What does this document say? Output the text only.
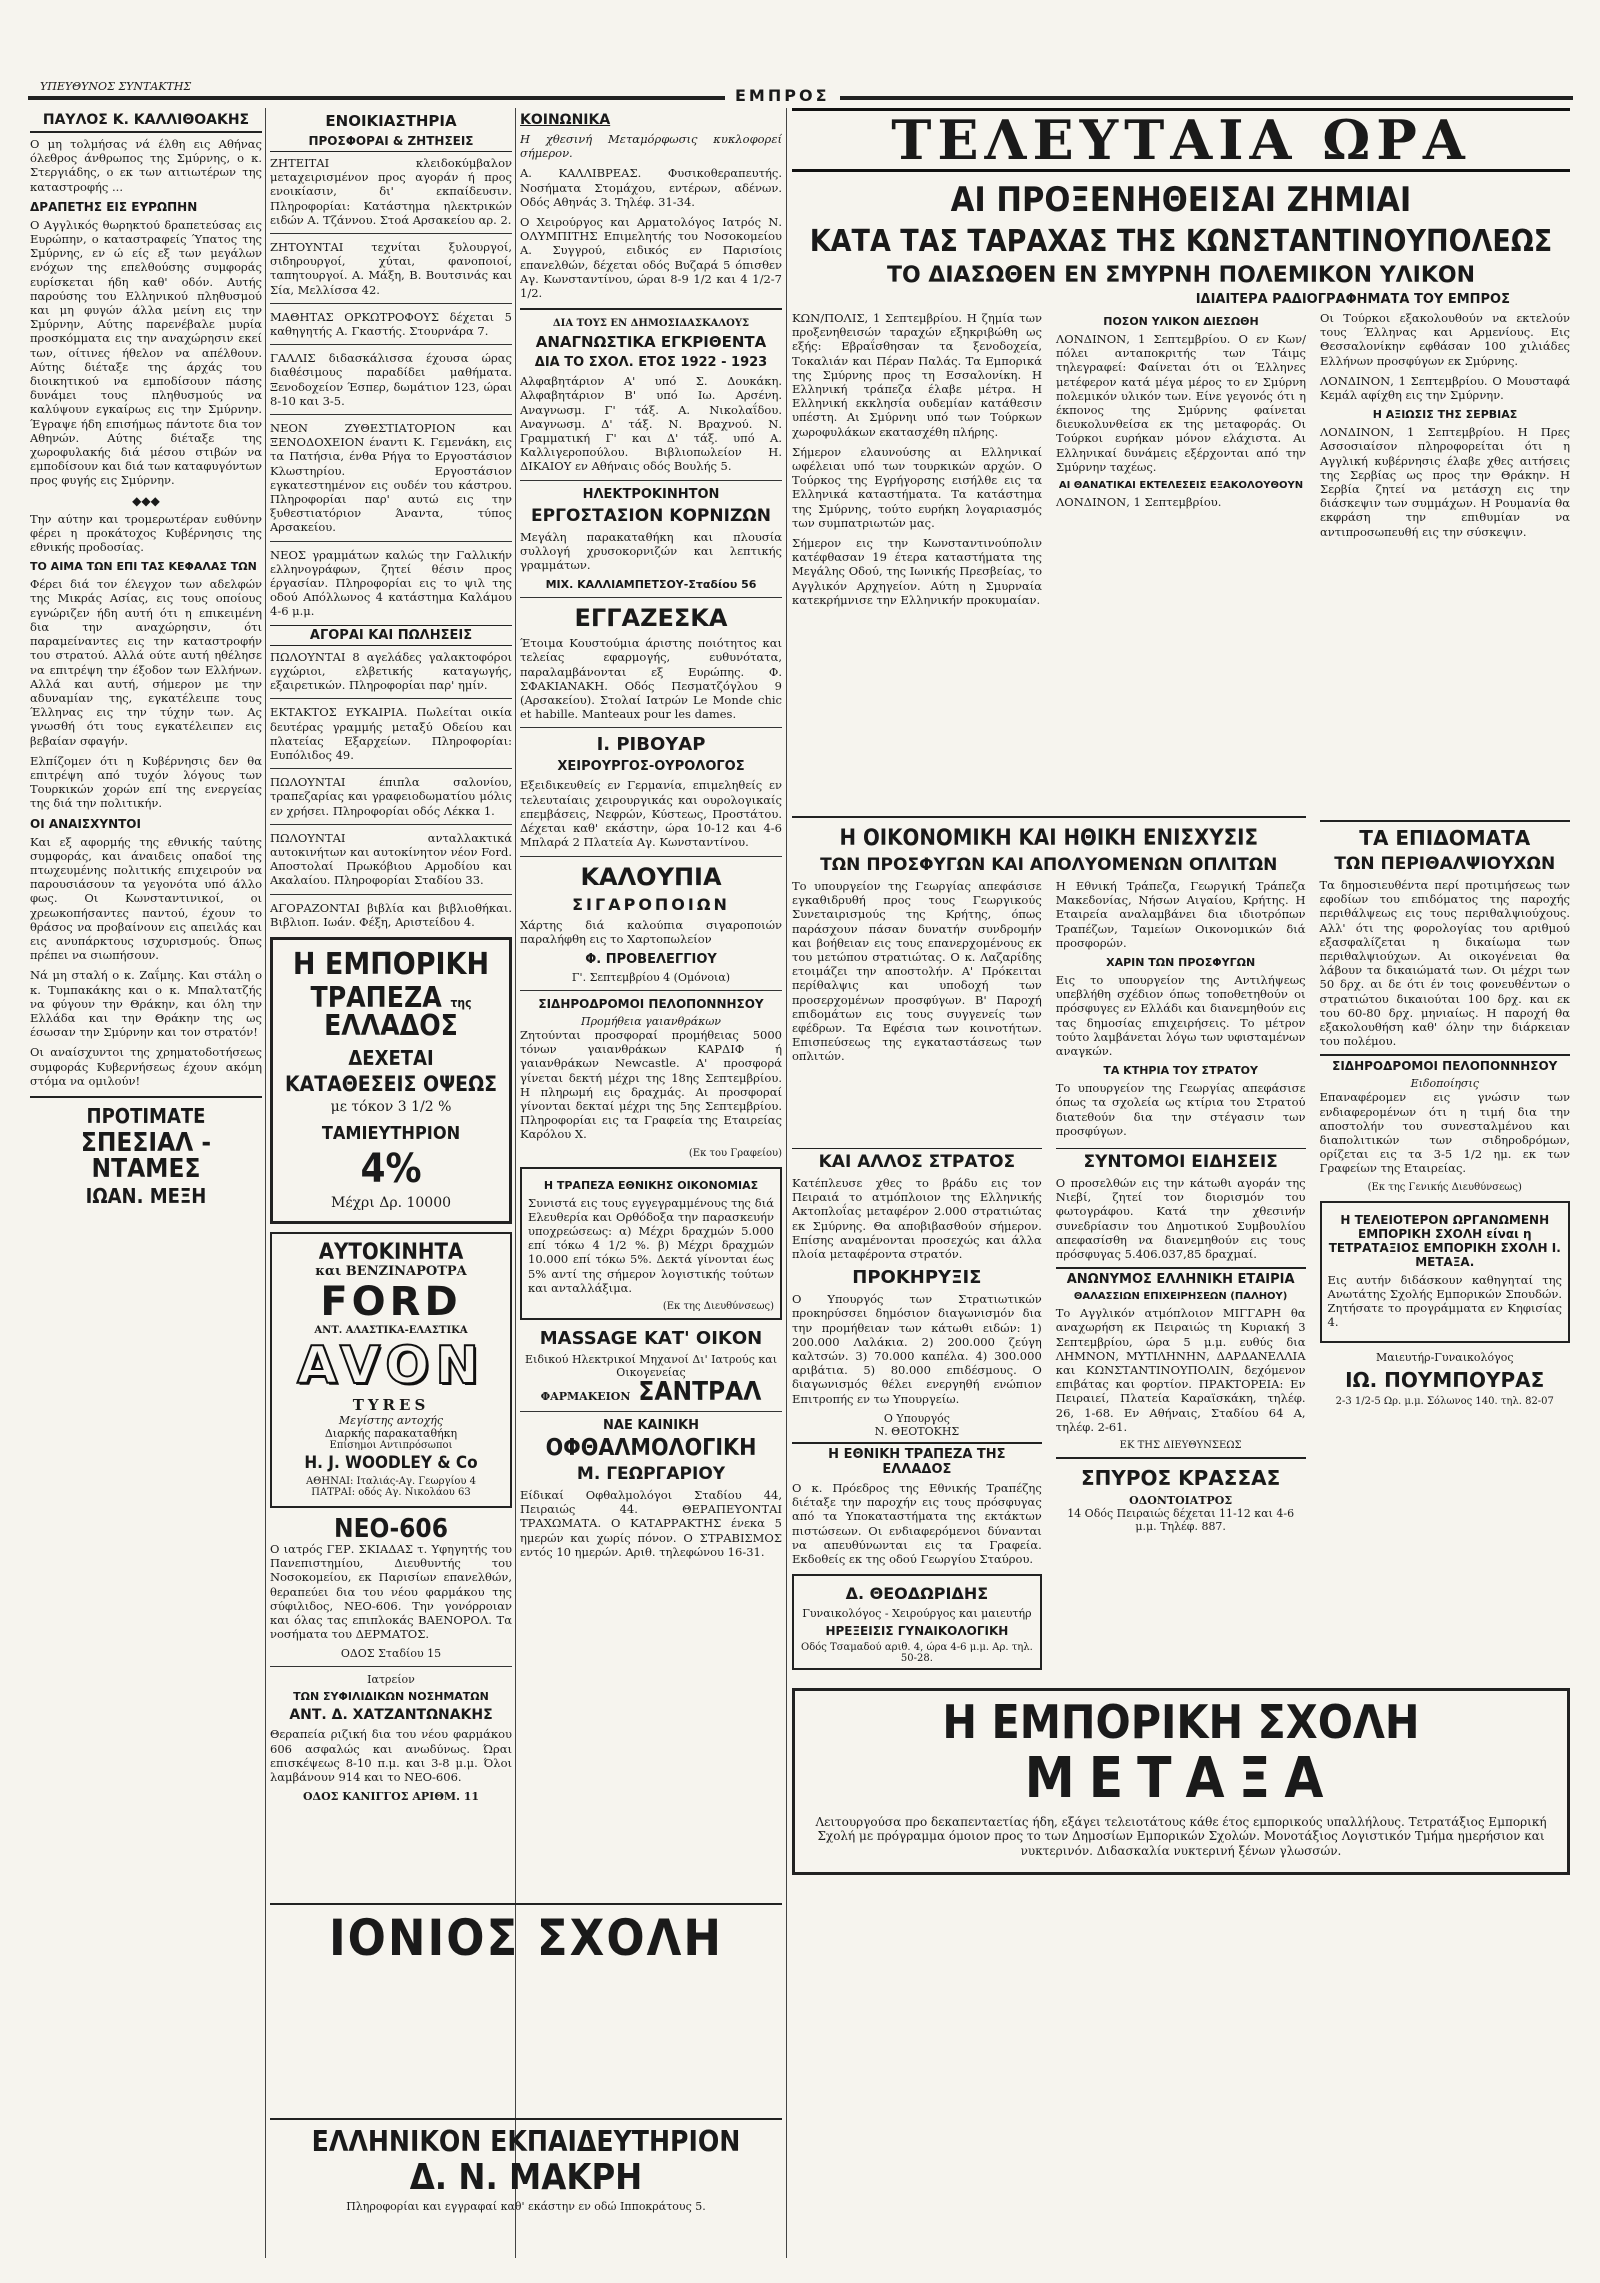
ΥΠΕΥΘΥΝΟΣ ΣΥΝΤΑΚΤΗΣ	ΕΜΠΡΟΣ
ΠΑΥΛΟΣ Κ. ΚΑΛΛΙΘΟΑΚΗΣ

Ο μη τολμήσας νά έλθη εις Αθήνας όλεθρος άνθρωπος της Σμύρνης, ο κ. Στεργιάδης, ο εκ των αιτιωτέρων της καταστροφής ...

ΔΡΑΠΕΤΗΣ ΕΙΣ ΕΥΡΩΠΗΝ

Ο Αγγλικός θωρηκτού δραπετεύσας εις Ευρώπην, ο καταστραφείς Ύπατος της Σμύρνης, εν ώ είς εξ των μεγάλων ενόχων της επελθούσης συμφοράς ευρίσκεται ήδη καθ' οδόν. Αυτής παρούσης του Ελληνικού πληθυσμού και μη φυγών άλλα μείνη εις την Σμύρνην, Αύτης παρενέβαλε μυρία προσκόμματα εις την αναχώρησιν εκεί των, οίτινες ήθελον να απέλθουν. Αύτης διέταξε της άρχάς του διοικητικού να εμποδίσουν πάσης δυνάμει τους πληθυσμούς να καλύψουν εγκαίρως εις την Σμύρνην. Έγραψε ήδη επισήμως πάντοτε δια τον Αθηνών. Αύτης διέταξε της χωροφυλακής διά μέσου στιβών να εμποδίσουν και διά των καταφυγόντων προς φυγής εις Σμύρνην.

◆◆◆

Την αύτην και τρομερωτέραν ευθύνην φέρει η προκάτοχος Κυβέρνησις της εθνικής προδοσίας.

ΤΟ ΑΙΜΑ ΤΩΝ ΕΠΙ ΤΑΣ ΚΕΦΑΛΑΣ ΤΩΝ

Φέρει διά τον έλεγχον των αδελφών της Μικράς Ασίας, εις τους οποίους εγνώριζεν ήδη αυτή ότι η επικειμένη δια την αναχώρησιν, ότι παραμείναντες εις την καταστροφήν του στρατού. Αλλά ούτε αυτή ηθέλησε να επιτρέψη την έξοδον των Ελλήνων. Αλλά και αυτή, σήμερον με την αδυναμίαν της, εγκατέλειπε τους Έλληνας εις την τύχην των. Ας γνωσθή ότι τους εγκατέλειπεν εις βεβαίαν σφαγήν.

Ελπίζομεν ότι η Κυβέρνησις δεν θα επιτρέψη από τυχόν λόγους των Τουρκικών χορών επί της ενεργείας της διά την πολιτικήν.

ΟΙ ΑΝΑΙΣΧΥΝΤΟΙ

Και εξ αφορμής της εθνικής ταύτης συμφοράς, και άναιδεις οπαδοί της πτωχευμένης πολιτικής επιχειρούν να παρουσιάσουν τα γεγονότα υπό άλλο φως. Οι Κωνσταντινικοί, οι χρεωκοπήσαντες παντού, έχουν το θράσος να προβαίνουν εις απειλάς και εις ανυπάρκτους ισχυρισμούς. Όπως πρέπει να σιωπήσουν.

Νά μη σταλή ο κ. Ζαΐμης. Και στάλη ο κ. Τυμπακάκης και ο κ. Μπαλτατζής να φύγουν την Θράκην, και όλη την Ελλάδα και την Θράκην της ως έσωσαν την Σμύρνην και τον στρατόν!

Οι αναίσχυντοι της χρηματοδοτήσεως συμφοράς Κυβερνήσεως έχουν ακόμη στόμα να ομιλούν!

ΠΡΟΤΙΜΑΤΕ
ΣΠΕΣΙΑΛ - ΝΤΑΜΕΣ
ΙΩΑΝ. ΜΕΞΗ
ΕΝΟΙΚΙΑΣΤΗΡΙΑ
ΠΡΟΣΦΟΡΑΙ & ΖΗΤΗΣΕΙΣ

ΖΗΤΕΙΤΑΙ κλειδοκύμβαλον μεταχειρισμένον προς αγοράν ή προς ενοικίασιν, δι' εκπαίδευσιν. Πληροφορίαι: Κατάστημα ηλεκτρικών ειδών Α. Τζάννου. Στοά Αρσακείου αρ. 2.

ΖΗΤΟΥΝΤΑΙ τεχνίται ξυλουργοί, σιδηρουργοί, χύται, φανοποιοί, ταπητουργοί. Α. Μάξη, Β. Βουτσινάς και Σία, Μελλίσσα 42.

ΜΑΘΗΤΑΣ ΟΡΚΩΤΡΟΦΟΥΣ δέχεται 5 καθηγητής Α. Γκαστής. Στουρνάρα 7.

ΓΑΛΛΙΣ διδασκάλισσα έχουσα ώρας διαθέσιμους παραδίδει μαθήματα. Ξενοδοχείον Έσπερ, δωμάτιον 123, ώραι 8-10 και 3-5.

ΝΕΟΝ ΖΥΘΕΣΤΙΑΤΟΡΙΟΝ και ΞΕΝΟΔΟΧΕΙΟΝ έναντι Κ. Γεμενάκη, εις τα Πατήσια, ένθα Ρήγα το Εργοστάσιον Κλωστηρίου. Εργοστάσιον εγκατεστημένον εις ουδέν του κάστρου. Πληροφορίαι παρ' αυτώ εις την ξυθεστιατόριον Άναντα, τύπος Αρσακείου.

ΝΕΟΣ γραμμάτων καλώς την Γαλλικήν ελληνογράφων, ζητεί θέσιν προς έργασίαν. Πληροφορίαι εις το ψιλ της οδού Απόλλωνος 4 κατάστημα Καλάμου 4-6 μ.μ.

ΑΓΟΡΑΙ ΚΑΙ ΠΩΛΗΣΕΙΣ

ΠΩΛΟΥΝΤΑΙ 8 αγελάδες γαλακτοφόροι εγχώριοι, ελβετικής καταγωγής, εξαιρετικών. Πληροφορίαι παρ' ημίν.

ΕΚΤΑΚΤΟΣ ΕΥΚΑΙΡΙΑ. Πωλείται οικία δευτέρας γραμμής μεταξύ Οδείου και πλατείας Εξαρχείων. Πληροφορίαι: Ευπόλιδος 49.

ΠΩΛΟΥΝΤΑΙ έπιπλα σαλονίου, τραπεζαρίας και γραφειοδωματίου μόλις εν χρήσει. Πληροφορίαι οδός Λέκκα 1.

ΠΩΛΟΥΝΤΑΙ ανταλλακτικά αυτοκινήτων και αυτοκίνητον νέον Ford. Αποστολαί Πρωκόβιου Αρμοδίου και Ακαλαίου. Πληροφορίαι Σταδίου 33.

ΑΓΟΡΑΖΟΝΤΑΙ βιβλία και βιβλιοθήκαι. Βιβλιοπ. Ιωάν. Φέξη, Αριστείδου 4.

Η ΕΜΠΟΡΙΚΗ
ΤΡΑΠΕΖΑ της ΕΛΛΑΔΟΣ
ΔΕΧΕΤΑΙ
ΚΑΤΑΘΕΣΕΙΣ ΟΨΕΩΣ
με τόκον 3 1/2 %
ΤΑΜΙΕΥΤΗΡΙΟΝ
4%
Μέχρι Δρ. 10000
ΑΥΤΟΚΙΝΗΤΑ
και ΒΕΝΖΙΝΑΡΟΤΡΑ
FORD
ΑΝΤ. ΑΛΑΣΤΙΚΑ-ΕΛΑΣΤΙΚΑ
AVON
TYRES
Μεγίστης αντοχής
Διαρκής παρακαταθήκη
Επίσημοι Αντιπρόσωποι
H. J. WOODLEY & Co
ΑΘΗΝΑΙ: Ιταλιάς-Αγ. Γεωργίου 4
ΠΑΤΡΑΙ: οδός Αγ. Νικολάου 63
ΝΕΟ-606

Ο ιατρός ΓΕΡ. ΣΚΙΑΔΑΣ τ. Υφηγητής του Πανεπιστημίου, Διευθυντής του Νοσοκομείου, εκ Παρισίων επανελθών, θεραπεύει δια του νέου φαρμάκου της σύφιλιδος, ΝΕΟ-606. Την γονόρροιαν και όλας τας επιπλοκάς ΒΑΕΝΟΡΟΛ. Τα νοσήματα του ΔΕΡΜΑΤΟΣ.

ΟΔΟΣ Σταδίου 15
Ιατρείον
ΤΩΝ ΣΥΦΙΛΙΔΙΚΩΝ ΝΟΣΗΜΑΤΩΝ
ΑΝΤ. Δ. ΧΑΤΖΑΝΤΩΝΑΚΗΣ

Θεραπεία ριζική δια του νέου φαρμάκου 606 ασφαλώς και ανωδύνως. Ώραι επισκέψεως 8-10 π.μ. και 3-8 μ.μ. Όλοι λαμβάνουν 914 και το ΝΕΟ-606.

ΟΔΟΣ ΚΑΝΙΓΓΟΣ ΑΡΙΘΜ. 11
ΚΟΙΝΩΝΙΚΑ

Η χθεσινή Μεταμόρφωσις κυκλοφορεί σήμερον.

Α. ΚΑΛΛΙΒΡΕΑΣ. Φυσικοθεραπευτής. Νοσήματα Στομάχου, εντέρων, αδένων. Οδός Αθηνάς 3. Τηλέφ. 31-34.

Ο Χειρούργος και Αρματολόγος Ιατρός Ν. ΟΛΥΜΠΙΤΗΣ Επιμελητής του Νοσοκομείου Α. Συγγρού, ειδικός εν Παρισίοις επανελθών, δέχεται οδός Βυζαρά 5 όπισθεν Αγ. Κωνσταντίνου, ώραι 8-9 1/2 και 4 1/2-7 1/2.

ΔΙΑ ΤΟΥΣ ΕΝ ΔΗΜΟΣΙΔΑΣΚΑΛΟΥΣ
ΑΝΑΓΝΩΣΤΙΚΑ ΕΓΚΡΙΘΕΝΤΑ
ΔΙΑ ΤΟ ΣΧΟΛ. ΕΤΟΣ 1922 - 1923

Αλφαβητάριον Α' υπό Σ. Δουκάκη. Αλφαβητάριον Β' υπό Ιω. Αρσένη. Αναγνωσμ. Γ' τάξ. Α. Νικολαΐδου. Αναγνωσμ. Δ' τάξ. Ν. Βραχνού. Ν. Γραμματική Γ' και Δ' τάξ. υπό Α. Καλλιγεροπούλου. Βιβλιοπωλείον Η. ΔΙΚΑΙΟΥ εν Αθήναις οδός Βουλής 5.

ΗΛΕΚΤΡΟΚΙΝΗΤΟΝ
ΕΡΓΟΣΤΑΣΙΟΝ ΚΟΡΝΙΖΩΝ

Μεγάλη παρακαταθήκη και πλουσία συλλογή χρυσοκορνιζών και λεπτικής γραμμάτων.

ΜΙΧ. ΚΑΛΛΙΑΜΠΕΤΣΟΥ-Σταδίου 56
ΕΓΓΑΖΕΣΚΑ

Έτοιμα Κουστούμια άριστης ποιότητος και τελείας εφαρμογής, ευθυνότατα, παραλαμβάνονται εξ Ευρώπης. Φ. ΣΦΑΚΙΑΝΑΚΗ. Οδός Πεσματζόγλου 9 (Αρσακείου). Στολαί Ιατρών Le Monde chic et habille. Manteaux pour les dames.

Ι. ΡΙΒΟΥΑΡ
ΧΕΙΡΟΥΡΓΟΣ-ΟΥΡΟΛΟΓΟΣ

Εξειδικευθείς εν Γερμανία, επιμεληθείς εν τελευταίαις χειρουργικάς και ουρολογικαίς επεμβάσεις, Νεφρών, Κύστεως, Προστάτου. Δέχεται καθ' εκάστην, ώρα 10-12 και 4-6 Μπλαρά 2 Πλατεία Αγ. Κωνσταντίνου.

ΚΑΛΟΥΠΙΑ
ΣΙΓΑΡΟΠΟΙΩΝ

Χάρτης διά καλούπια σιγαροποιών παραλήφθη εις το Χαρτοπωλείον

Φ. ΠΡΟΒΕΛΕΓΓΙΟΥ
Γ'. Σεπτεμβρίου 4 (Ομόνοια)
ΣΙΔΗΡΟΔΡΟΜΟΙ ΠΕΛΟΠΟΝΝΗΣΟΥ
Προμήθεια γαιανθράκων

Ζητούνται προσφοραί προμήθειας 5000 τόνων γαιανθράκων ΚΑΡΔΙΦ ή γαιανθράκων Newcastle. Α' προσφορά γίνεται δεκτή μέχρι της 18ης Σεπτεμβρίου. Η πληρωμή εις δραχμάς. Αι προσφοραί γίνονται δεκταί μέχρι της 5ης Σεπτεμβρίου. Πληροφορίαι εις τα Γραφεία της Εταιρείας Καρόλου Χ.

(Εκ του Γραφείου)
Η ΤΡΑΠΕΖΑ ΕΘΝΙΚΗΣ ΟΙΚΟΝΟΜΙΑΣ

Συνιστά εις τους εγγεγραμμένους της διά Ελευθερία και Ορθόδοξα την παρασκευήν υποχρεώσεως: α) Μέχρι δραχμών 5.000 επί τόκω 4 1/2 %. β) Μέχρι δραχμών 10.000 επί τόκω 5%. Δεκτά γίνονται έως 5% αντί της σήμερον λογιστικής τούτων και ανταλλάξιμα.

(Εκ της Διευθύνσεως)
MASSAGE ΚΑΤ' ΟΙΚΟΝ
Ειδικού Ηλεκτρικοί Μηχανοί Δι' Ιατρούς και Οικογενείας
ΦΑΡΜΑΚΕΙΟΝ ΣΑΝΤΡΑΛ
ΝΑΕ ΚΑΙΝΙΚΗ
ΟΦΘΑΛΜΟΛΟΓΙΚΗ
Μ. ΓΕΩΡΓΑΡΙΟΥ

Είδικαί Οφθαλμολόγοι Σταδίου 44, Πειραιώς 44. ΘΕΡΑΠΕΥΟΝΤΑΙ ΤΡΑΧΩΜΑΤΑ. Ο ΚΑΤΑΡΡΑΚΤΗΣ ένεκα 5 ημερών και χωρίς πόνον. Ο ΣΤΡΑΒΙΣΜΟΣ εντός 10 ημερών. Αριθ. τηλεφώνου 16-31.

ΤΕΛΕΥΤΑΙΑ ΩΡΑ
ΑΙ ΠΡΟΞΕΝΗΘΕΙΣΑΙ ΖΗΜΙΑΙ
ΚΑΤΑ ΤΑΣ ΤΑΡΑΧΑΣ ΤΗΣ ΚΩΝΣΤΑΝΤΙΝΟΥΠΟΛΕΩΣ
ΤΟ ΔΙΑΣΩΘΕΝ ΕΝ ΣΜΥΡΝΗ ΠΟΛΕΜΙΚΟΝ ΥΛΙΚΟΝ
ΙΔΙΑΙΤΕΡΑ ΡΑΔΙΟΓΡΑΦΗΜΑΤΑ ΤΟΥ ΕΜΠΡΟΣ

ΚΩΝ/ΠΟΛΙΣ, 1 Σεπτεμβρίου. Η ζημία των προξενηθεισών ταραχών εξηκριβώθη ως εξής: Εβραΐσθησαν τα ξενοδοχεία, Τοκαλιάν και Πέραν Παλάς. Τα Εμπορικά της Σμύρνης προς τη Εσσαλονίκη. Η Ελληνική τράπεζα έλαβε μέτρα. Η Ελληνική εκκλησία ουδεμίαν κατάθεσιν υπέστη. Αι Σμύρνηι υπό των Τούρκων χωροφυλάκων εκατασχέθη πλήρης.

Σήμερον ελαυνούσης αι Ελληνικαί ωφέλειαι υπό των τουρκικών αρχών. Ο Τούρκος της Εγρήγορσης εισήλθε εις τα Ελληνικά καταστήματα. Τα κατάστημα της Σμύρνης, τούτο ευρήκη λογαριασμός των συμπατριωτών μας.

Σήμερον εις την Κωνσταντινούπολιν κατέφθασαν 19 έτερα καταστήματα της Μεγάλης Οδού, της Ιωνικής Πρεσβείας, το Αγγλικόν Αρχηγείον. Αύτη η Σμυρναία κατεκρήμνισε την Ελληνικήν προκυμαίαν.

ΠΟΣΟΝ ΥΛΙΚΟΝ ΔΙΕΣΩΘΗ

ΛΟΝΔΙΝΟΝ, 1 Σεπτεμβρίου. Ο εν Κων/πόλει ανταποκριτής των Τάιμς τηλεγραφεί: Φαίνεται ότι οι Έλληνες μετέφερον κατά μέγα μέρος το εν Σμύρνη πολεμικόν υλικόν των. Είνε γεγονός ότι η έκπονος της Σμύρνης φαίνεται διευκολυνθείσα εκ της μεταφοράς. Οι Τούρκοι ευρήκαν μόνον ελάχιστα. Αι Ελληνικαί δυνάμεις εξέρχονται από την Σμύρνην ταχέως.

ΑΙ ΘΑΝΑΤΙΚΑΙ ΕΚΤΕΛΕΣΕΙΣ ΕΞΑΚΟΛΟΥΘΟΥΝ

ΛΟΝΔΙΝΟΝ, 1 Σεπτεμβρίου.

Οι Τούρκοι εξακολουθούν να εκτελούν τους Έλληνας και Αρμενίους. Εις Θεσσαλονίκην εφθάσαν 100 χιλιάδες Ελλήνων προσφύγων εκ Σμύρνης.

ΛΟΝΔΙΝΟΝ, 1 Σεπτεμβρίου. Ο Μουσταφά Κεμάλ αφίχθη εις την Σμύρνην.

Η ΑΞΙΩΣΙΣ ΤΗΣ ΣΕΡΒΙΑΣ

ΛΟΝΔΙΝΟΝ, 1 Σεπτεμβρίου. Η Πρες Ασσοσιαίσον πληροφορείται ότι η Αγγλική κυβέρνησις έλαβε χθες αιτήσεις της Σερβίας ως προς την Θράκην. Η Σερβία ζητεί να μετάσχη εις την διάσκεψιν των συμμάχων. Η Ρουμανία θα εκφράση την επιθυμίαν να αντιπροσωπευθή εις την σύσκεψιν.

Η ΟΙΚΟΝΟΜΙΚΗ ΚΑΙ ΗΘΙΚΗ ΕΝΙΣΧΥΣΙΣ
ΤΩΝ ΠΡΟΣΦΥΓΩΝ ΚΑΙ ΑΠΟΛΥΟΜΕΝΩΝ ΟΠΛΙΤΩΝ

Το υπουργείον της Γεωργίας απεφάσισε εγκαθιδρυθή προς τους Γεωργικούς Συνεταιρισμούς της Κρήτης, όπως παράσχουν πάσαν δυνατήν συνδρομήν και βοήθειαν εις τους επανερχομένους εκ του μετώπου στρατιώτας. Ο κ. Λαζαρίδης ετοιμάζει την αποστολήν. Α' Πρόκειται περίθαλψις και υποδοχή των προσερχομένων προσφύγων. Β' Παροχή επιδομάτων εις τους συγγενείς των εφέδρων. Τα Εφέσια των κοινοτήτων. Επισπεύσεως της εγκαταστάσεως των οπλιτών.

Η Εθνική Τράπεζα, Γεωργική Τράπεζα Μακεδονίας, Νήσων Αιγαίου, Κρήτης. Η Εταιρεία αναλαμβάνει δια ιδιοτρόπων Τραπέζων, Ταμείων Οικονομικών διά προσφορών.

ΧΑΡΙΝ ΤΩΝ ΠΡΟΣΦΥΓΩΝ

Εις το υπουργείον της Αντιλήψεως υπεβλήθη σχέδιον όπως τοποθετηθούν οι πρόσφυγες εν Ελλάδι και διανεμηθούν εις τας δημοσίας επιχειρήσεις. Το μέτρον τούτο λαμβάνεται λόγω των υφισταμένων αναγκών.

ΤΑ ΚΤΗΡΙΑ ΤΟΥ ΣΤΡΑΤΟΥ

Το υπουργείον της Γεωργίας απεφάσισε όπως τα σχολεία ως κτίρια του Στρατού διατεθούν δια την στέγασιν των προσφύγων.

ΚΑΙ ΑΛΛΟΣ ΣΤΡΑΤΟΣ

Κατέπλευσε χθες το βράδυ εις τον Πειραιά το ατμόπλοιον της Ελληνικής Ακτοπλοΐας μεταφέρον 2.000 στρατιώτας εκ Σμύρνης. Θα αποβιβασθούν σήμερον. Επίσης αναμένονται προσεχώς και άλλα πλοία μεταφέροντα στρατόν.

ΠΡΟΚΗΡΥΞΙΣ

Ο Υπουργός των Στρατιωτικών προκηρύσσει δημόσιον διαγωνισμόν δια την προμήθειαν των κάτωθι ειδών: 1) 200.000 Λαλάκια. 2) 200.000 ζεύγη καλτσών. 3) 70.000 καπέλα. 4) 300.000 αριβάτια. 5) 80.000 επιδέσμους. Ο διαγωνισμός θέλει ενεργηθή ενώπιον Επιτροπής εν τω Υπουργείω.

Ο Υπουργός
Ν. ΘΕΟΤΟΚΗΣ
Η ΕΘΝΙΚΗ ΤΡΑΠΕΖΑ ΤΗΣ ΕΛΛΑΔΟΣ

Ο κ. Πρόεδρος της Εθνικής Τραπέζης διέταξε την παροχήν εις τους πρόσφυγας από τα Υποκαταστήματα της εκτάκτων πιστώσεων. Οι ενδιαφερόμενοι δύνανται να απευθύνωνται εις τα Γραφεία. Εκδοθείς εκ της οδού Γεωργίου Σταύρου.

Δ. ΘΕΟΔΩΡΙΔΗΣ
Γυναικολόγος - Χειρούργος και μαιευτήρ
ΗΡΕΞΕΙΣΙΣ ΓΥΝΑΙΚΟΛΟΓΙΚΗ
Οδός Τσαμαδού αριθ. 4, ώρα 4-6 μ.μ. Αρ. τηλ. 50-28.
ΣΥΝΤΟΜΟΙ ΕΙΔΗΣΕΙΣ

Ο προσελθών εις την κάτωθι αγοράν της Νιεβί, ζητεί τον διορισμόν του φωτογράφου. Κατά την χθεσινήν συνεδρίασιν του Δημοτικού Συμβουλίου απεφασίσθη να διανεμηθούν εις τους πρόσφυγας 5.406.037,85 δραχμαί.

ΑΝΩΝΥΜΟΣ ΕΛΛΗΝΙΚΗ ΕΤΑΙΡΙΑ
ΘΑΛΑΣΣΙΩΝ ΕΠΙΧΕΙΡΗΣΕΩΝ (ΠΑΛΗΟΥ)

Το Αγγλικόν ατμόπλοιον ΜΙΓΓΑΡΗ θα αναχωρήση εκ Πειραιώς τη Κυριακή 3 Σεπτεμβρίου, ώρα 5 μ.μ. ευθύς δια ΛΗΜΝΟΝ, ΜΥΤΙΛΗΝΗΝ, ΔΑΡΔΑΝΕΛΛΙΑ και ΚΩΝΣΤΑΝΤΙΝΟΥΠΟΛΙΝ, δεχόμενον επιβάτας και φορτίον. ΠΡΑΚΤΟΡΕΙΑ: Εν Πειραιεί, Πλατεία Καραϊσκάκη, τηλέφ. 26, 1-68. Εν Αθήναις, Σταδίου 64 Α, τηλέφ. 2-61.

ΕΚ ΤΗΣ ΔΙΕΥΘΥΝΣΕΩΣ
ΣΠΥΡΟΣ ΚΡΑΣΣΑΣ
ΟΔΟΝΤΟΙΑΤΡΟΣ
14 Οδός Πειραιώς δέχεται 11-12 και 4-6 μ.μ. Τηλέφ. 887.
ΤΑ ΕΠΙΔΟΜΑΤΑ
ΤΩΝ ΠΕΡΙΘΑΛΨΙΟΥΧΩΝ

Τα δημοσιευθέντα περί προτιμήσεως των εφοδίων του επιδόματος της παροχής περιθάλψεως εις τους περιθαλψιούχους. Αλλ' ότι της φορολογίας του αριθμού εξασφαλίζεται η δικαίωμα των περιθαλψιούχων. Αι οικογένειαι θα λάβουν τα δικαιώματά των. Οι μέχρι των 50 δρχ. αι δε ότι έν τοις φονευθέντων ο στρατιώτου δικαιούται 100 δρχ. και εκ του 60-80 δρχ. μηνιαίως. Η παροχή θα εξακολουθήση καθ' όλην την διάρκειαν του πολέμου.

ΣΙΔΗΡΟΔΡΟΜΟΙ ΠΕΛΟΠΟΝΝΗΣΟΥ
Ειδοποίησις

Επαναφέρομεν εις γνώσιν των ενδιαφερομένων ότι η τιμή δια την αποστολήν του συνεσταλμένου και διαπολιτικών των σιδηροδρόμων, ορίζεται εις τα 3-5 1/2 ημ. εκ των Γραφείων της Εταιρείας.

(Εκ της Γενικής Διευθύνσεως)
Η ΤΕΛΕΙΟΤΕΡΟΝ ΩΡΓΑΝΩΜΕΝΗ ΕΜΠΟΡΙΚΗ ΣΧΟΛΗ είναι η ΤΕΤΡΑΤΑΞΙΟΣ ΕΜΠΟΡΙΚΗ ΣΧΟΛΗ Ι. ΜΕΤΑΞΑ.

Εις αυτήν διδάσκουν καθηγηταί της Ανωτάτης Σχολής Εμπορικών Σπουδών. Ζητήσατε το προγράμματα εν Κηφισίας 4.

Μαιευτήρ-Γυναικολόγος
ΙΩ. ΠΟΥΜΠΟΥΡΑΣ
2-3 1/2-5 Ωρ. μ.μ. Σόλωνος 140. τηλ. 82-07
Η ΕΜΠΟΡΙΚΗ ΣΧΟΛΗ
ΜΕΤΑΞΑ

Λειτουργούσα προ δεκαπενταετίας ήδη, εξάγει τελειοτάτους κάθε έτος εμπορικούς υπαλλήλους. Τετρατάξιος Εμπορική Σχολή με πρόγραμμα όμοιον προς το των Δημοσίων Εμπορικών Σχολών. Μονοτάξιος Λογιστικόν Τμήμα ημερήσιον και νυκτερινόν. Διδασκαλία νυκτερινή ξένων γλωσσών.

ΙΟΝΙΟΣ ΣΧΟΛΗ
ΕΛΛΗΝΙΚΟΝ ΕΚΠΑΙΔΕΥΤΗΡΙΟΝ
Δ. Ν. ΜΑΚΡΗ
Πληροφορίαι και εγγραφαί καθ' εκάστην εν οδώ Ιπποκράτους 5.
